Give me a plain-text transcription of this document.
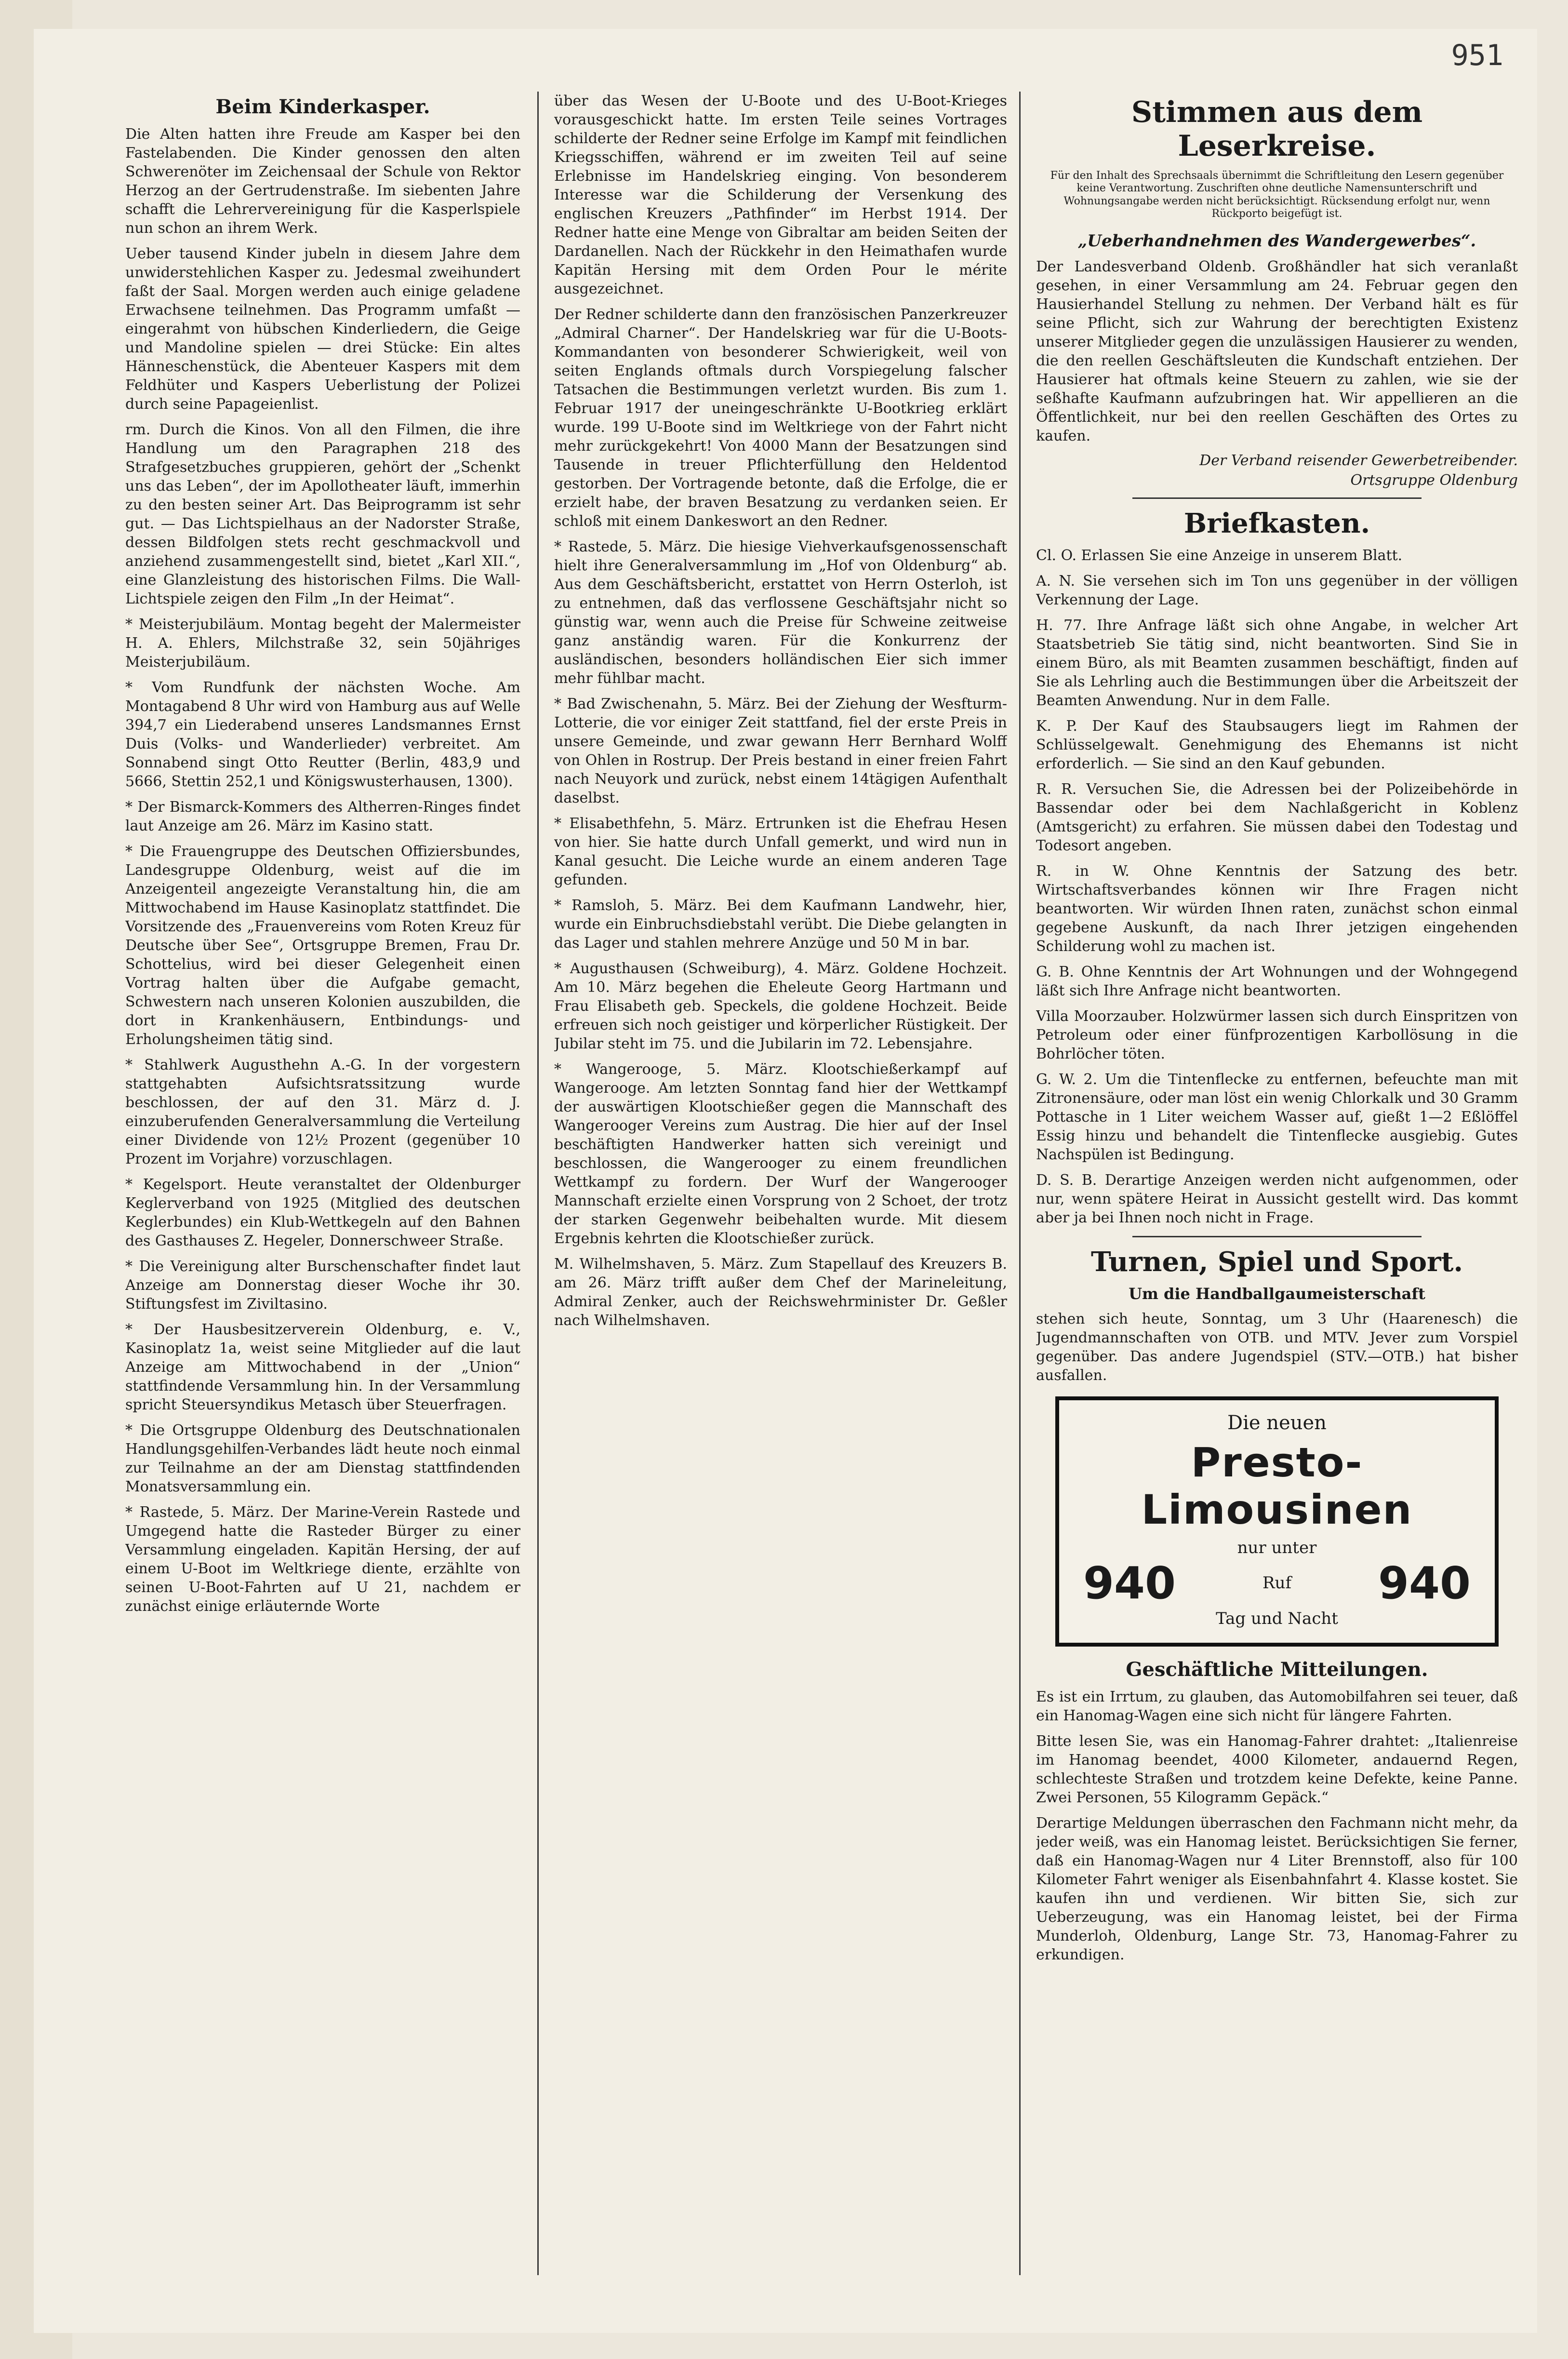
951
Beim Kinderkasper.

Die Alten hatten ihre Freude am Kasper bei den Fastelabenden. Die Kinder genossen den alten Schwerenöter im Zeichensaal der Schule von Rektor Herzog an der Gertrudenstraße. Im siebenten Jahre schafft die Lehrervereinigung für die Kasperlspiele nun schon an ihrem Werk.

Ueber tausend Kinder jubeln in diesem Jahre dem unwiderstehlichen Kasper zu. Jedesmal zweihundert faßt der Saal. Morgen werden auch einige geladene Erwachsene teilnehmen. Das Programm umfaßt — eingerahmt von hübschen Kinderliedern, die Geige und Mandoline spielen — drei Stücke: Ein altes Hänneschenstück, die Abenteuer Kaspers mit dem Feldhüter und Kaspers Ueberlistung der Polizei durch seine Papageienlist.

rm. Durch die Kinos. Von all den Filmen, die ihre Handlung um den Paragraphen 218 des Strafgesetzbuches gruppieren, gehört der „Schenkt uns das Leben“, der im Apollotheater läuft, immerhin zu den besten seiner Art. Das Beiprogramm ist sehr gut. — Das Lichtspielhaus an der Nadorster Straße, dessen Bildfolgen stets recht geschmackvoll und anziehend zusammengestellt sind, bietet „Karl XII.“, eine Glanzleistung des historischen Films. Die Wall-Lichtspiele zeigen den Film „In der Heimat“.

* Meisterjubiläum. Montag begeht der Malermeister H. A. Ehlers, Milchstraße 32, sein 50jähriges Meisterjubiläum.

* Vom Rundfunk der nächsten Woche. Am Montagabend 8 Uhr wird von Hamburg aus auf Welle 394,7 ein Liederabend unseres Landsmannes Ernst Duis (Volks- und Wanderlieder) verbreitet. Am Sonnabend singt Otto Reutter (Berlin, 483,9 und 5666, Stettin 252,1 und Königswusterhausen, 1300).

* Der Bismarck-Kommers des Altherren-Ringes findet laut Anzeige am 26. März im Kasino statt.

* Die Frauengruppe des Deutschen Offiziersbundes, Landesgruppe Oldenburg, weist auf die im Anzeigenteil angezeigte Veranstaltung hin, die am Mittwochabend im Hause Kasinoplatz stattfindet. Die Vorsitzende des „Frauenvereins vom Roten Kreuz für Deutsche über See“, Ortsgruppe Bremen, Frau Dr. Schottelius, wird bei dieser Gelegenheit einen Vortrag halten über die Aufgabe gemacht, Schwestern nach unseren Kolonien auszubilden, die dort in Krankenhäusern, Entbindungs- und Erholungsheimen tätig sind.

* Stahlwerk Augusthehn A.-G. In der vorgestern stattgehabten Aufsichtsratssitzung wurde beschlossen, der auf den 31. März d. J. einzuberufenden Generalversammlung die Verteilung einer Dividende von 12½ Prozent (gegenüber 10 Prozent im Vorjahre) vorzuschlagen.

* Kegelsport. Heute veranstaltet der Oldenburger Keglerverband von 1925 (Mitglied des deutschen Keglerbundes) ein Klub-Wettkegeln auf den Bahnen des Gasthauses Z. Hegeler, Donnerschweer Straße.

* Die Vereinigung alter Burschenschafter findet laut Anzeige am Donnerstag dieser Woche ihr 30. Stiftungsfest im Ziviltasino.

* Der Hausbesitzerverein Oldenburg, e. V., Kasinoplatz 1a, weist seine Mitglieder auf die laut Anzeige am Mittwochabend in der „Union“ stattfindende Versammlung hin. In der Versammlung spricht Steuersyndikus Metasch über Steuerfragen.

* Die Ortsgruppe Oldenburg des Deutschnationalen Handlungsgehilfen-Verbandes lädt heute noch einmal zur Teilnahme an der am Dienstag stattfindenden Monatsversammlung ein.

* Rastede, 5. März. Der Marine-Verein Rastede und Umgegend hatte die Rasteder Bürger zu einer Versammlung eingeladen. Kapitän Hersing, der auf einem U-Boot im Weltkriege diente, erzählte von seinen U-Boot-Fahrten auf U 21, nachdem er zunächst einige erläuternde Worte

über das Wesen der U-Boote und des U-Boot-Krieges vorausgeschickt hatte. Im ersten Teile seines Vortrages schilderte der Redner seine Erfolge im Kampf mit feindlichen Kriegsschiffen, während er im zweiten Teil auf seine Erlebnisse im Handelskrieg einging. Von besonderem Interesse war die Schilderung der Versenkung des englischen Kreuzers „Pathfinder“ im Herbst 1914. Der Redner hatte eine Menge von Gibraltar am beiden Seiten der Dardanellen. Nach der Rückkehr in den Heimathafen wurde Kapitän Hersing mit dem Orden Pour le mérite ausgezeichnet.

Der Redner schilderte dann den französischen Panzerkreuzer „Admiral Charner“. Der Handelskrieg war für die U-Boots-Kommandanten von besonderer Schwierigkeit, weil von seiten Englands oftmals durch Vorspiegelung falscher Tatsachen die Bestimmungen verletzt wurden. Bis zum 1. Februar 1917 der uneingeschränkte U-Bootkrieg erklärt wurde. 199 U-Boote sind im Weltkriege von der Fahrt nicht mehr zurückgekehrt! Von 4000 Mann der Besatzungen sind Tausende in treuer Pflichterfüllung den Heldentod gestorben. Der Vortragende betonte, daß die Erfolge, die er erzielt habe, der braven Besatzung zu verdanken seien. Er schloß mit einem Dankeswort an den Redner.

* Rastede, 5. März. Die hiesige Viehverkaufsgenossenschaft hielt ihre Generalversammlung im „Hof von Oldenburg“ ab. Aus dem Geschäftsbericht, erstattet von Herrn Osterloh, ist zu entnehmen, daß das verflossene Geschäftsjahr nicht so günstig war, wenn auch die Preise für Schweine zeitweise ganz anständig waren. Für die Konkurrenz der ausländischen, besonders holländischen Eier sich immer mehr fühlbar macht.

* Bad Zwischenahn, 5. März. Bei der Ziehung der Wesfturm-Lotterie, die vor einiger Zeit stattfand, fiel der erste Preis in unsere Gemeinde, und zwar gewann Herr Bernhard Wolff von Ohlen in Rostrup. Der Preis bestand in einer freien Fahrt nach Neuyork und zurück, nebst einem 14tägigen Aufenthalt daselbst.

* Elisabethfehn, 5. März. Ertrunken ist die Ehefrau Hesen von hier. Sie hatte durch Unfall gemerkt, und wird nun in Kanal gesucht. Die Leiche wurde an einem anderen Tage gefunden.

* Ramsloh, 5. März. Bei dem Kaufmann Landwehr, hier, wurde ein Einbruchsdiebstahl verübt. Die Diebe gelangten in das Lager und stahlen mehrere Anzüge und 50 M in bar.

* Augusthausen (Schweiburg), 4. März. Goldene Hochzeit. Am 10. März begehen die Eheleute Georg Hartmann und Frau Elisabeth geb. Speckels, die goldene Hochzeit. Beide erfreuen sich noch geistiger und körperlicher Rüstigkeit. Der Jubilar steht im 75. und die Jubilarin im 72. Lebensjahre.

* Wangerooge, 5. März. Klootschießerkampf auf Wangerooge. Am letzten Sonntag fand hier der Wettkampf der auswärtigen Klootschießer gegen die Mannschaft des Wangerooger Vereins zum Austrag. Die hier auf der Insel beschäftigten Handwerker hatten sich vereinigt und beschlossen, die Wangerooger zu einem freundlichen Wettkampf zu fordern. Der Wurf der Wangerooger Mannschaft erzielte einen Vorsprung von 2 Schoet, der trotz der starken Gegenwehr beibehalten wurde. Mit diesem Ergebnis kehrten die Klootschießer zurück.

M. Wilhelmshaven, 5. März. Zum Stapellauf des Kreuzers B. am 26. März trifft außer dem Chef der Marineleitung, Admiral Zenker, auch der Reichswehrminister Dr. Geßler nach Wilhelmshaven.

Stimmen aus dem Leserkreise.
Für den Inhalt des Sprechsaals übernimmt die Schriftleitung den Lesern gegenüber keine Verantwortung. Zuschriften ohne deutliche Namensunterschrift und Wohnungsangabe werden nicht berücksichtigt. Rücksendung erfolgt nur, wenn Rückporto beigefügt ist.
„Ueberhandnehmen des Wandergewerbes“.

Der Landesverband Oldenb. Großhändler hat sich veranlaßt gesehen, in einer Versammlung am 24. Februar gegen den Hausierhandel Stellung zu nehmen. Der Verband hält es für seine Pflicht, sich zur Wahrung der berechtigten Existenz unserer Mitglieder gegen die unzulässigen Hausierer zu wenden, die den reellen Geschäftsleuten die Kundschaft entziehen. Der Hausierer hat oftmals keine Steuern zu zahlen, wie sie der seßhafte Kaufmann aufzubringen hat. Wir appellieren an die Öffentlichkeit, nur bei den reellen Geschäften des Ortes zu kaufen.

Der Verband reisender Gewerbetreibender.
Ortsgruppe Oldenburg
Briefkasten.

Cl. O. Erlassen Sie eine Anzeige in unserem Blatt.

A. N. Sie versehen sich im Ton uns gegenüber in der völligen Verkennung der Lage.

H. 77. Ihre Anfrage läßt sich ohne Angabe, in welcher Art Staatsbetrieb Sie tätig sind, nicht beantworten. Sind Sie in einem Büro, als mit Beamten zusammen beschäftigt, finden auf Sie als Lehrling auch die Bestimmungen über die Arbeitszeit der Beamten Anwendung. Nur in dem Falle.

K. P. Der Kauf des Staubsaugers liegt im Rahmen der Schlüsselgewalt. Genehmigung des Ehemanns ist nicht erforderlich. — Sie sind an den Kauf gebunden.

R. R. Versuchen Sie, die Adressen bei der Polizeibehörde in Bassendar oder bei dem Nachlaßgericht in Koblenz (Amtsgericht) zu erfahren. Sie müssen dabei den Todestag und Todesort angeben.

R. in W. Ohne Kenntnis der Satzung des betr. Wirtschaftsverbandes können wir Ihre Fragen nicht beantworten. Wir würden Ihnen raten, zunächst schon einmal gegebene Auskunft, da nach Ihrer jetzigen eingehenden Schilderung wohl zu machen ist.

G. B. Ohne Kenntnis der Art Wohnungen und der Wohngegend läßt sich Ihre Anfrage nicht beantworten.

Villa Moorzauber. Holzwürmer lassen sich durch Einspritzen von Petroleum oder einer fünfprozentigen Karbollösung in die Bohrlöcher töten.

G. W. 2. Um die Tintenflecke zu entfernen, befeuchte man mit Zitronensäure, oder man löst ein wenig Chlorkalk und 30 Gramm Pottasche in 1 Liter weichem Wasser auf, gießt 1—2 Eßlöffel Essig hinzu und behandelt die Tintenflecke ausgiebig. Gutes Nachspülen ist Bedingung.

D. S. B. Derartige Anzeigen werden nicht aufgenommen, oder nur, wenn spätere Heirat in Aussicht gestellt wird. Das kommt aber ja bei Ihnen noch nicht in Frage.

Turnen, Spiel und Sport.
Um die Handballgaumeisterschaft

stehen sich heute, Sonntag, um 3 Uhr (Haarenesch) die Jugendmannschaften von OTB. und MTV. Jever zum Vorspiel gegenüber. Das andere Jugendspiel (STV.—OTB.) hat bisher ausfallen.

Die neuen
Presto-Limousinen
nur unter
940	Ruf 940
Tag und Nacht
Geschäftliche Mitteilungen.

Es ist ein Irrtum, zu glauben, das Automobilfahren sei teuer, daß ein Hanomag-Wagen eine sich nicht für längere Fahrten.

Bitte lesen Sie, was ein Hanomag-Fahrer drahtet: „Italienreise im Hanomag beendet, 4000 Kilometer, andauernd Regen, schlechteste Straßen und trotzdem keine Defekte, keine Panne. Zwei Personen, 55 Kilogramm Gepäck.“

Derartige Meldungen überraschen den Fachmann nicht mehr, da jeder weiß, was ein Hanomag leistet. Berücksichtigen Sie ferner, daß ein Hanomag-Wagen nur 4 Liter Brennstoff, also für 100 Kilometer Fahrt weniger als Eisenbahnfahrt 4. Klasse kostet. Sie kaufen ihn und verdienen. Wir bitten Sie, sich zur Ueberzeugung, was ein Hanomag leistet, bei der Firma Munderloh, Oldenburg, Lange Str. 73, Hanomag-Fahrer zu erkundigen.
